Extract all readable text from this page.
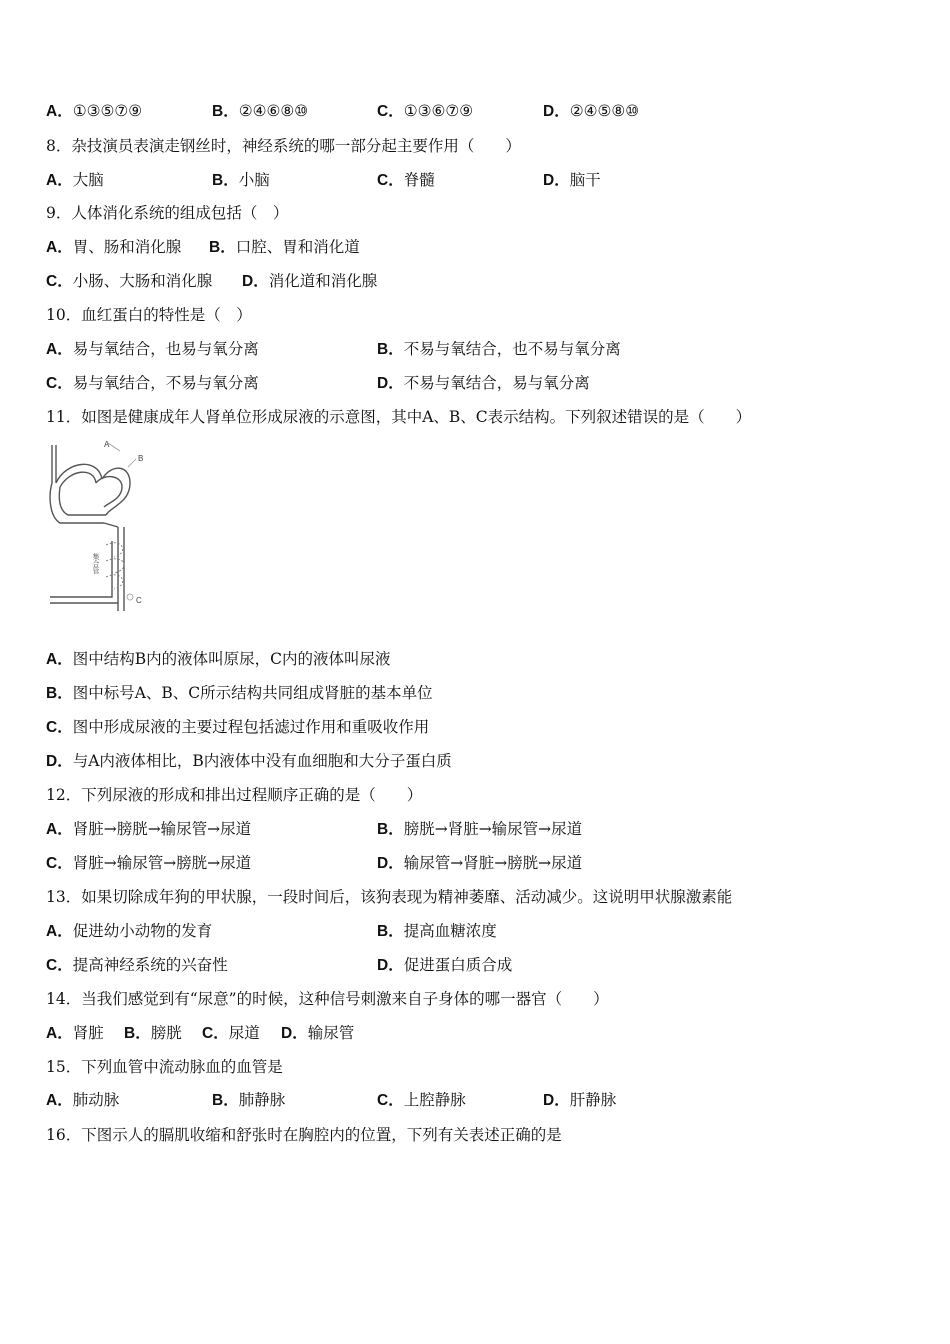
A．①③⑤⑦⑨	B．②④⑥⑧⑩	C．①③⑥⑦⑨	D．②④⑤⑧⑩
8．杂技演员表演走钢丝时，神经系统的哪一部分起主要作用（　　）
A．大脑	B．小脑	C．脊髓	D．脑干
9．人体消化系统的组成包括（　）
A．胃、肠和消化腺 B．口腔、胃和消化道
C．小肠、大肠和消化腺 D．消化道和消化腺
10．血红蛋白的特性是（　）
A．易与氧结合，也易与氧分离	B．不易与氧结合，也不易与氧分离
C．易与氧结合，不易与氧分离	D．不易与氧结合，易与氧分离
11．如图是健康成年人肾单位形成尿液的示意图，其中A、B、C表示结构。下列叙述错误的是（　　）
A
B
C
集合管
A．图中结构B内的液体叫原尿，C内的液体叫尿液
B．图中标号A、B、C所示结构共同组成肾脏的基本单位
C．图中形成尿液的主要过程包括滤过作用和重吸收作用
D．与A内液体相比，B内液体中没有血细胞和大分子蛋白质
12．下列尿液的形成和排出过程顺序正确的是（　　）
A．肾脏→膀胱→输尿管→尿道	B．膀胱→肾脏→输尿管→尿道
C．肾脏→输尿管→膀胱→尿道	D．输尿管→肾脏→膀胱→尿道
13．如果切除成年狗的甲状腺，一段时间后，该狗表现为精神萎靡、活动减少。这说明甲状腺激素能
A．促进幼小动物的发育	B．提高血糖浓度
C．提高神经系统的兴奋性	D．促进蛋白质合成
14．当我们感觉到有“尿意”的时候，这种信号刺激来自子身体的哪一器官（　　）
A．肾脏 B．膀胱 C．尿道 D．输尿管
15．下列血管中流动脉血的血管是
A．肺动脉	B．肺静脉	C．上腔静脉	D．肝静脉
16．下图示人的膈肌收缩和舒张时在胸腔内的位置，下列有关表述正确的是
